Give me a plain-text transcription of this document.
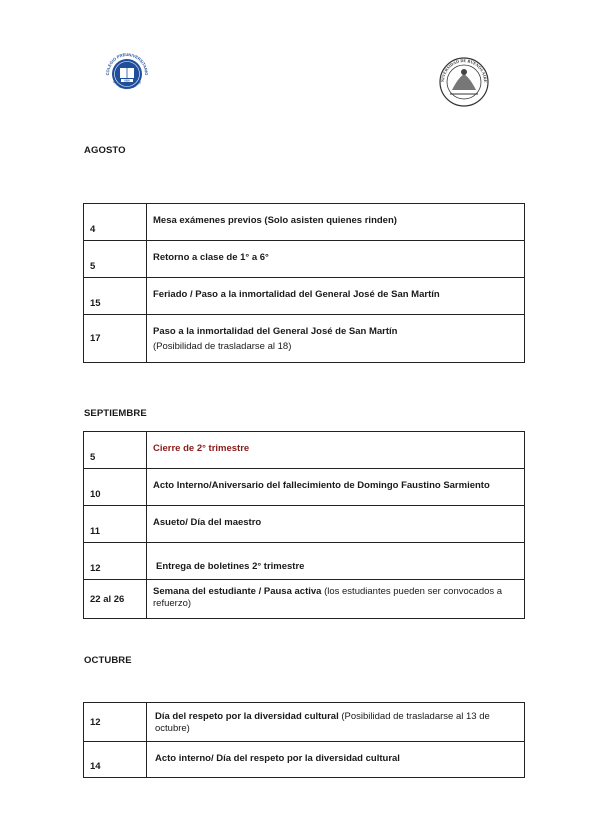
UBA
COLEGIO PREUNIVERSITARIO
Dr. Ramón A. Cereijo	NIVERSIDAD DE BUENOS AIRE
AGOSTO
4	Mesa exámenes previos (Solo asisten quienes rinden)
5	Retorno a clase de 1° a 6°
15	Feriado / Paso a la inmortalidad del General José de San Martín
17	Paso a la inmortalidad del General José de San Martín
(Posibilidad de trasladarse al 18)
SEPTIEMBRE
5	Cierre de 2° trimestre
10	Acto Interno/Aniversario del fallecimiento de Domingo Faustino Sarmiento
11	Asueto/ Día del maestro
12	Entrega de boletines 2° trimestre
22 al 26	Semana del estudiante / Pausa activa (los estudiantes pueden ser convocados a refuerzo)
OCTUBRE
12	Día del respeto por la diversidad cultural (Posibilidad de trasladarse al 13 de octubre)
14	Acto interno/ Día del respeto por la diversidad cultural
